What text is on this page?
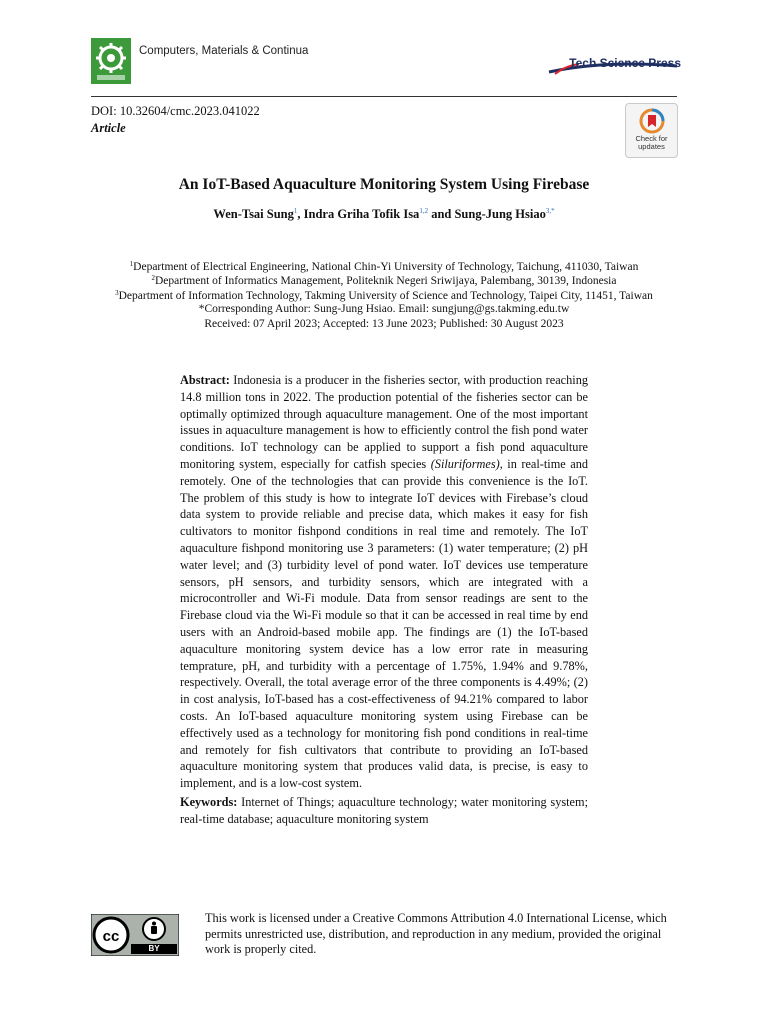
Computers, Materials & Continua
Tech Science Press
DOI: 10.32604/cmc.2023.041022
Article
Check for updates
An IoT-Based Aquaculture Monitoring System Using Firebase
Wen-Tsai Sung$^1$, Indra Griha Tofik Isa$^{1,2}$ and Sung-Jung Hsiao$^{3,*}$
$^1$Department of Electrical Engineering, National Chin-Yi University of Technology, Taichung, 411030, Taiwan
$^2$Department of Informatics Management, Politeknik Negeri Sriwijaya, Palembang, 30139, Indonesia
$^3$Department of Information Technology, Takming University of Science and Technology, Taipei City, 11451, Taiwan
*Corresponding Author: Sung-Jung Hsiao. Email: sungjung@gs.takming.edu.tw
Received: 07 April 2023; Accepted: 13 June 2023; Published: 30 August 2023
Abstract: Indonesia is a producer in the fisheries sector, with production reaching 14.8 million tons in 2022. The production potential of the fisheries sector can be optimally optimized through aquaculture management. One of the most important issues in aquaculture management is how to efficiently control the fish pond water conditions. IoT technology can be applied to support a fish pond aquaculture monitoring system, especially for catfish species (Siluriformes), in real-time and remotely. One of the technologies that can provide this convenience is the IoT. The problem of this study is how to integrate IoT devices with Firebase’s cloud data system to provide reliable and precise data, which makes it easy for fish cultivators to monitor fishpond conditions in real time and remotely. The IoT aquaculture fishpond monitoring use 3 parameters: (1) water temperature; (2) pH water level; and (3) turbidity level of pond water. IoT devices use temperature sensors, pH sensors, and turbidity sensors, which are integrated with a microcontroller and Wi-Fi module. Data from sensor readings are sent to the Firebase cloud via the Wi-Fi module so that it can be accessed in real time by end users with an Android-based mobile app. The findings are (1) the IoT-based aquaculture monitoring system device has a low error rate in measuring temprature, pH, and turbidity with a percentage of 1.75%, 1.94% and 9.78%, respectively. Overall, the total average error of the three components is 4.49%; (2) in cost analysis, IoT-based has a cost-effectiveness of 94.21% compared to labor costs. An IoT-based aquaculture monitoring system using Firebase can be effectively used as a technology for monitoring fish pond conditions in real-time and remotely for fish cultivators that contribute to providing an IoT-based aquaculture monitoring system that produces valid data, is precise, is easy to implement, and is a low-cost system.
Keywords: Internet of Things; aquaculture technology; water monitoring system; real-time database; aquaculture monitoring system
cc
BY
This work is licensed under a Creative Commons Attribution 4.0 International License, which permits unrestricted use, distribution, and reproduction in any medium, provided the original work is properly cited.
